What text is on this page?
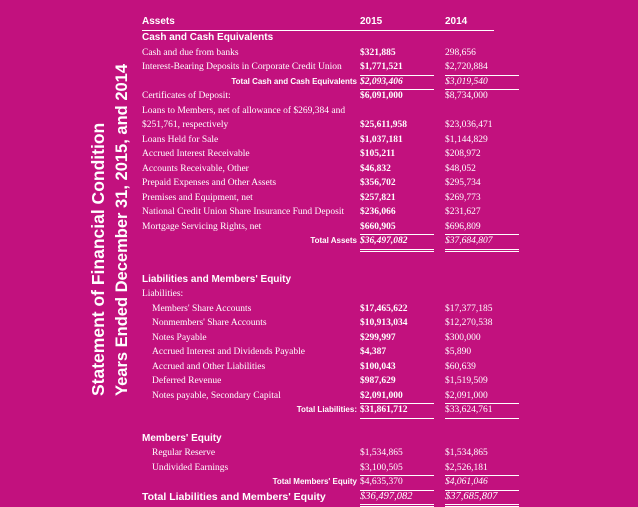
Statement of Financial Condition Years Ended December 31, 2015, and 2014
Assets	2015	2014
Cash and Cash Equivalents
Cash and due from banks	$321,885	298,656
Interest-Bearing Deposits in Corporate Credit Union $1,771,521	$2,720,884
Total Cash and Cash Equivalents $2,093,406	$3,019,540
Certificates of Deposit:	$6,091,000	$8,734,000
Loans to Members, net of allowance of $269,384 and
$251,761, respectively	$25,611,958	$23,036,471
Loans Held for Sale	$1,037,181	$1,144,829
Accrued Interest Receivable	$105,211	$208,972
Accounts Receivable, Other	$46,832	$48,052
Prepaid Expenses and Other Assets	$356,702	$295,734
Premises and Equipment, net	$257,821	$269,773
National Credit Union Share Insurance Fund Deposit $236,066	$231,627
Mortgage Servicing Rights, net	$660,905	$696,809
Total Assets $36,497,082	$37,684,807
Liabilities and Members' Equity
Liabilities:
Members' Share Accounts	$17,465,622	$17,377,185
Nonmembers' Share Accounts	$10,913,034	$12,270,538
Notes Payable	$299,997	$300,000
Accrued Interest and Dividends Payable	$4,387	$5,890
Accrued and Other Liabilities	$100,043	$60,639
Deferred Revenue	$987,629	$1,519,509
Notes payable, Secondary Capital	$2,091,000	$2,091,000
Total Liabilities: $31,861,712	$33,624,761
Members' Equity
Regular Reserve	$1,534,865	$1,534,865
Undivided Earnings	$3,100,505	$2,526,181
Total Members' Equity $4,635,370	$4,061,046
Total Liabilities and Members' Equity	$36,497,082	$37,685,807
